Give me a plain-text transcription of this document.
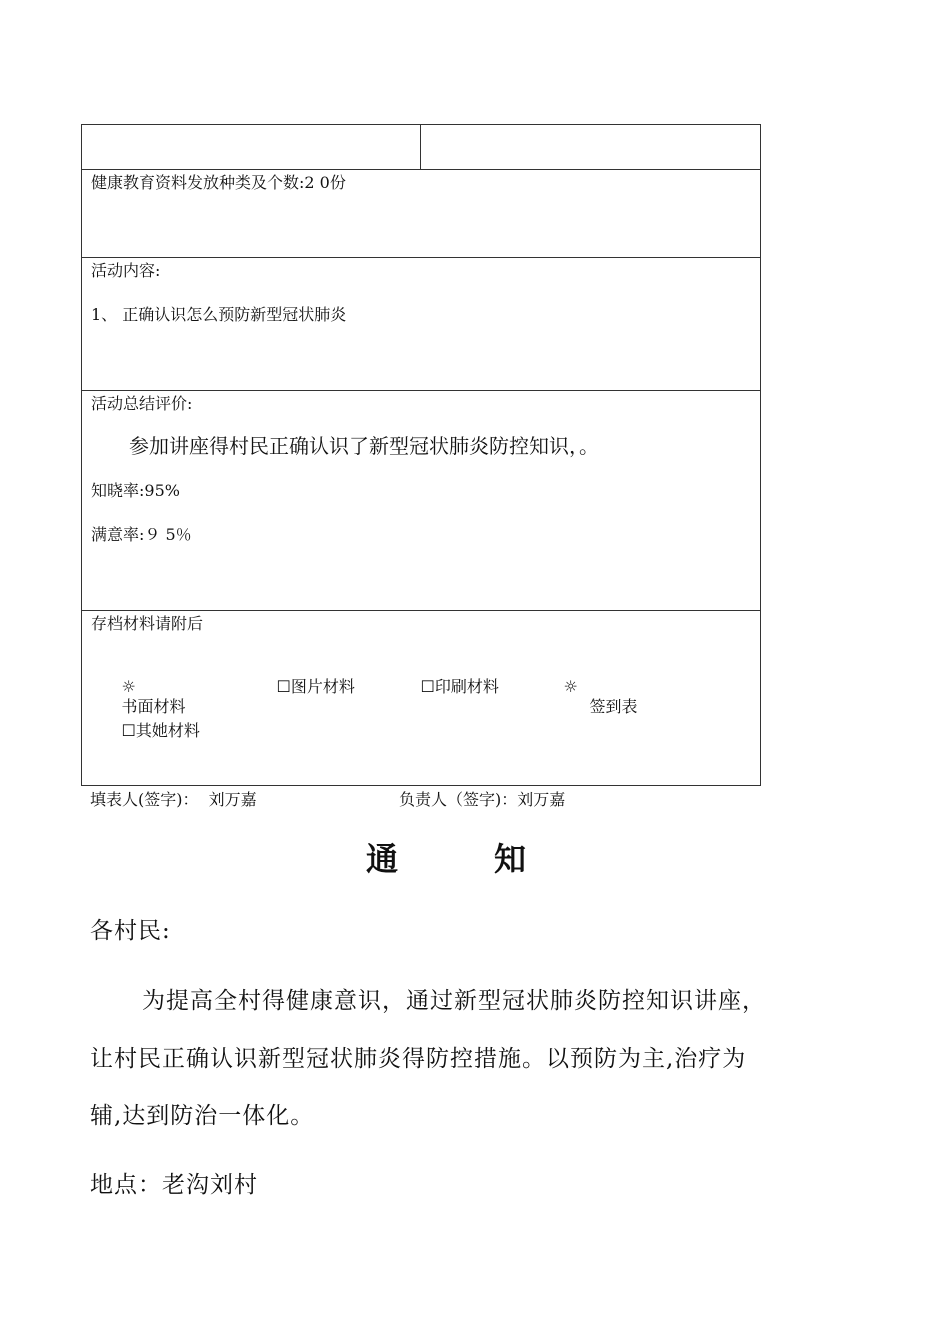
健康教育资料发放种类及个数:2 0份
活动内容:
1、 正确认识怎么预防新型冠状肺炎
活动总结评价:
参加讲座得村民正确认识了新型冠状肺炎防控知识，。
知晓率:95%
满意率:９ 5％
存档材料请附后

☼
书面材料

☐图片材料
	☐印刷材料
	☼
签到表

☐其她材料

填表人(签字)：  刘万嘉	负责人（签字)：刘万嘉
通	知
各村民:
为提高全村得健康意识，通过新型冠状肺炎防控知识讲座，
让村民正确认识新型冠状肺炎得防控措施。以预防为主,治疗为
辅,达到防治一体化。
地点：老沟刘村
